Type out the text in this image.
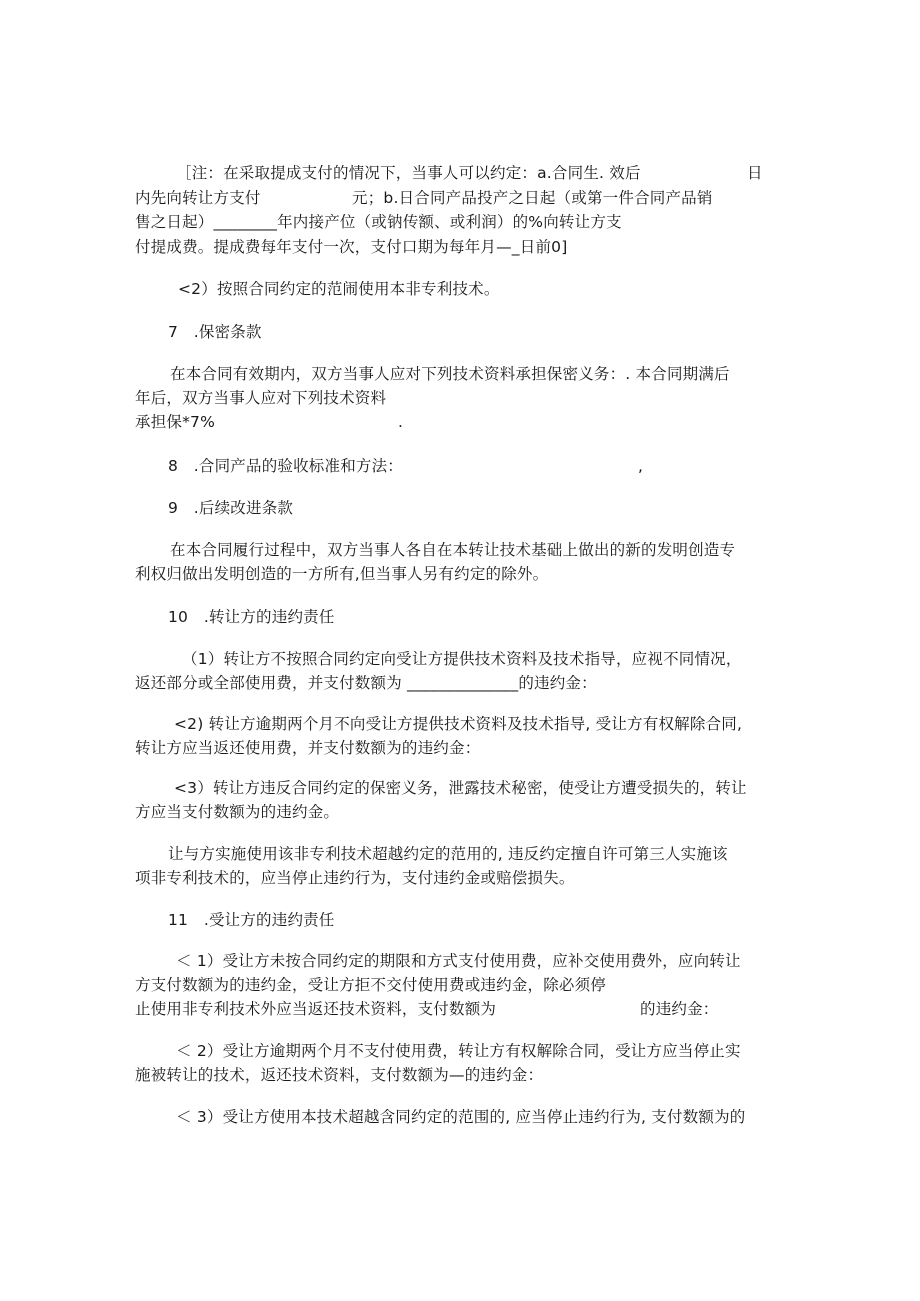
［注：在采取提成支付的情况下，当事人可以约定：a.合同生. 效后	日
内先向转让方支付	元；b.日合同产品投产之日起（或第一件合同产品销
售之日起）________年内接产位（或钠传额、或利润）的%向转让方支
付提成费。提成费每年支付一次，支付口期为每年月—_日前0]
<2）按照合同约定的范闹使用本非专利技术。
7　.保密条款
在本合同有效期内，双方当事人应对下列技术资料承担保密义务：. 本合同期满后
年后，双方当事人应对下列技术资料
承担保*7%	.
8　.合同产品的验收标准和方法：	,
9　.后续改进条款
在本合同履行过程中，双方当事人各自在本转让技术基础上做出的新的发明创造专
利权归做出发明创造的一方所有,但当事人另有约定的除外。
10　.转让方的违约责任
（1）转让方不按照合同约定向受让方提供技术资料及技术指导，应视不同情况，
返还部分或全部使用费，并支付数额为 ______________的违约金：
<2) 转让方逾期两个月不向受让方提供技术资料及技术指导, 受让方有权解除合同,
转让方应当返还使用费，并支付数额为的违约金：
<3）转让方违反合同约定的保密义务，泄露技术秘密，使受让方遭受损失的，转让
方应当支付数额为的违约金。
让与方实施使用该非专利技术超越约定的范用的, 违反约定擅自许可第三人实施该
项非专利技术的，应当停止违约行为，支付违约金或赔偿损失。
11　.受让方的违约责任
＜ 1）受让方未按合同约定的期限和方式支付使用费，应补交使用费外，应向转让
方支付数额为的违约金，受让方拒不交付使用费或违约金，除必须停
止使用非专利技术外应当返还技术资料，支付数额为	的违约金：
＜ 2）受让方逾期两个月不支付使用费，转让方有权解除合同，受让方应当停止实
施被转让的技术，返还技术资料，支付数额为—的违约金：
＜ 3）受让方使用本技术超越含同约定的范围的, 应当停止违约行为, 支付数额为的
